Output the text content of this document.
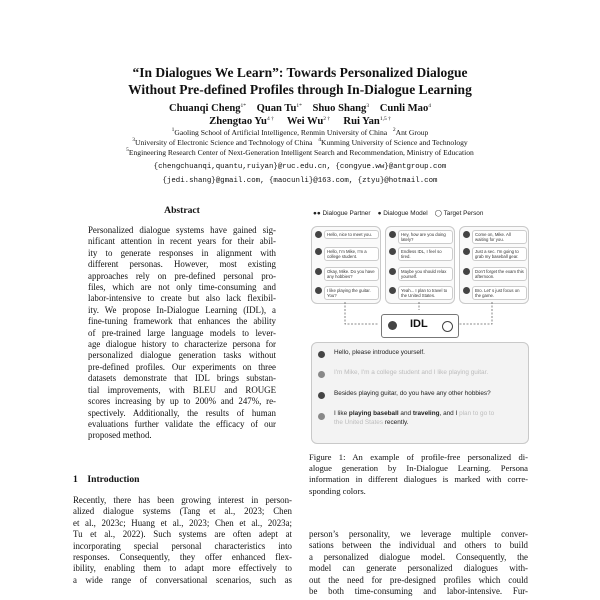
“In Dialogues We Learn”: Towards Personalized Dialogue
Without Pre-defined Profiles through In-Dialogue Learning
Chuanqi Cheng$^{1*}$ Quan $Tu^{1*}$ Shuo Shang$^3$ Cunli Mao$^4$
Zhengtao $Yu^{4 \dagger}$ Wei $Wu^{2 \dagger}$ Rui Yan$^{1,5 \dagger}$
$^1$Gaoling School of Artificial Intelligence, Renmin University of China $^2$Ant Group
$^3$University of Electronic Science and Technology of China $^4$Kunming University of Science and Technology
$^5$Engineering Research Center of Next-Generation Intelligent Search and Recommendation, Ministry of Education
{chengchuanqi,quantu,ruiyan}@ruc.edu.cn, {congyue.ww}@antgroup.com
{jedi.shang}@gmail.com, {maocunli}@163.com, {ztyu}@hotmail.com
Abstract
Personalized dialogue systems have gained sig-
nificant attention in recent years for their abil-
ity to generate responses in alignment with
different personas. However, most existing
approaches rely on pre-defined personal pro-
files, which are not only time-consuming and
labor-intensive to create but also lack flexibil-
ity. We propose In-Dialogue Learning (IDL), a
fine-tuning framework that enhances the ability
of pre-trained large language models to lever-
age dialogue history to characterize persona for
personalized dialogue generation tasks without
pre-defined profiles. Our experiments on three
datasets demonstrate that IDL brings substan-
tial improvements, with BLEU and ROUGE
scores increasing by up to 200% and 247%, re-
spectively. Additionally, the results of human
evaluations further validate the efficacy of our
proposed method.
1 Introduction
Recently, there has been growing interest in person-
alized dialogue systems (Tang et al., 2023; Chen
et al., 2023c; Huang et al., 2023; Chen et al., 2023a;
Tu et al., 2022). Such systems are often adept at
incorporating special personal characteristics into
responses. Consequently, they offer enhanced flex-
ibility, enabling them to adapt more effectively to
a wide range of conversational scenarios, such as
person’s personality, we leverage multiple conver-
sations between the individual and others to build
a personalized dialogue model. Consequently, the
model can generate personalized dialogues with-
out the need for pre-designed profiles which could
be both time-consuming and labor-intensive. Fur-
●● Dialogue Partner ● Dialogue Model ◯ Target Person
Hello, nice to meet you.
Hello, I'm Mike, I'm a college student.
Okay, Mike. Do you have any hobbies?
I like playing the guitar. You?
Hey, how are you doing lately?
Endless IDL, I feel so tired.
Maybe you should relax yourself.
Yeah... I plan to travel to the United States.
Come on, Mike. All waiting for you.
Just a sec. I'm going to grab my baseball gear.
Don't forget the exam this afternoon.
Bro. Let' s just focus on the game.
IDL
Hello, please introduce yourself.
I'm Mike, I'm a college student and I like playing guitar.
Besides playing guitar, do you have any other hobbies?
I like playing baseball and traveling, and I plan to go to
the United States recently.
Figure 1: An example of profile-free personalized di-
alogue generation by In-Dialogue Learning. Persona
information in different dialogues is marked with corre-
sponding colors.
